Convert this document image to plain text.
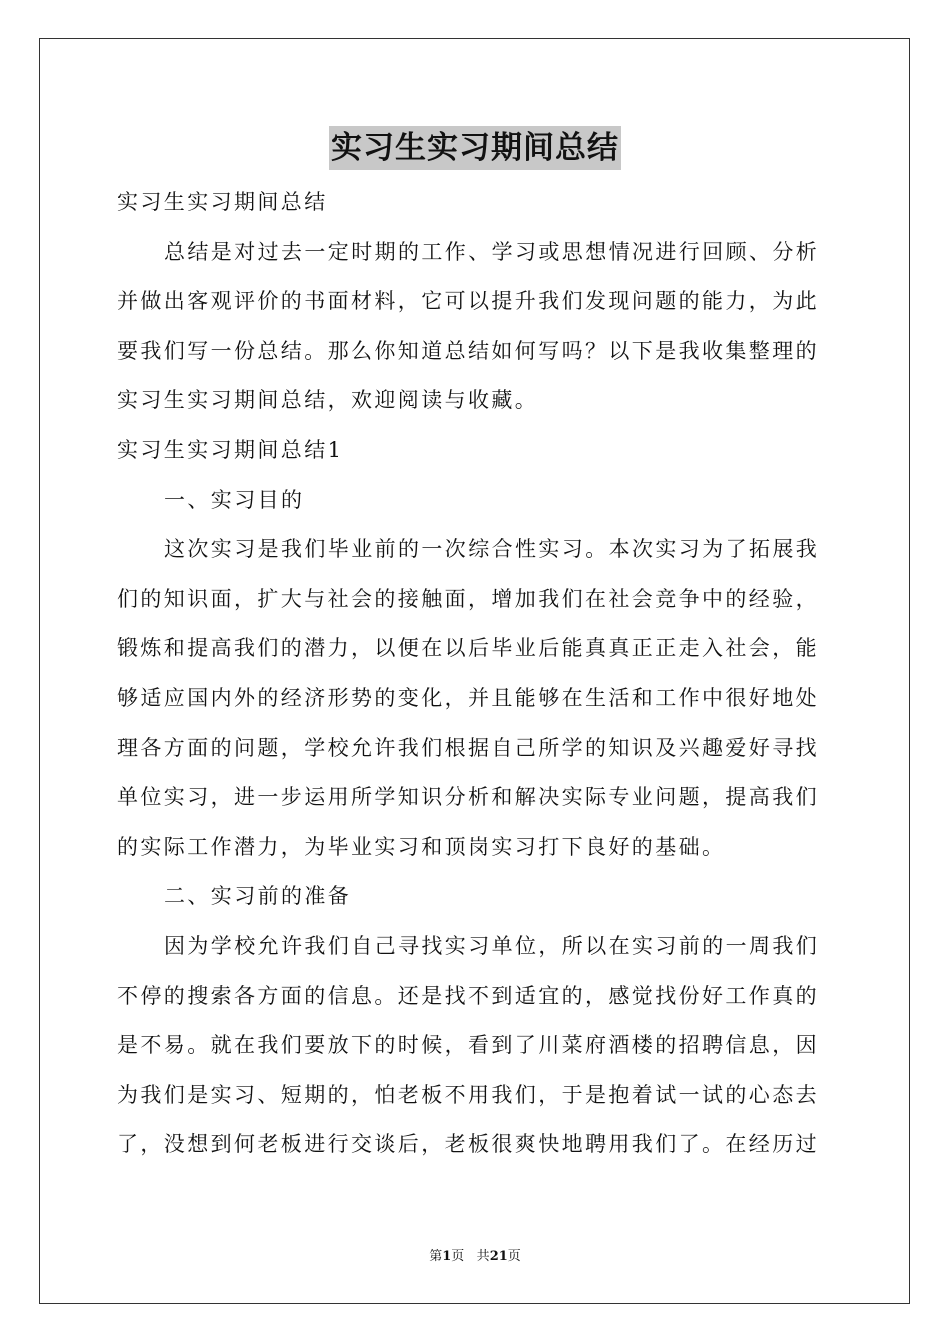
实习生实习期间总结
实习生实习期间总结
总结是对过去一定时期的工作、学习或思想情况进行回顾、分析
并做出客观评价的书面材料，它可以提升我们发现问题的能力，为此
要我们写一份总结。那么你知道总结如何写吗？以下是我收集整理的
实习生实习期间总结，欢迎阅读与收藏。
实习生实习期间总结1
一、实习目的
这次实习是我们毕业前的一次综合性实习。本次实习为了拓展我
们的知识面，扩大与社会的接触面，增加我们在社会竞争中的经验，
锻炼和提高我们的潜力，以便在以后毕业后能真真正正走入社会，能
够适应国内外的经济形势的变化，并且能够在生活和工作中很好地处
理各方面的问题，学校允许我们根据自己所学的知识及兴趣爱好寻找
单位实习，进一步运用所学知识分析和解决实际专业问题，提高我们
的实际工作潜力，为毕业实习和顶岗实习打下良好的基础。
二、实习前的准备
因为学校允许我们自己寻找实习单位，所以在实习前的一周我们
不停的搜索各方面的信息。还是找不到适宜的，感觉找份好工作真的
是不易。就在我们要放下的时候，看到了川菜府酒楼的招聘信息，因
为我们是实习、短期的，怕老板不用我们，于是抱着试一试的心态去
了，没想到何老板进行交谈后，老板很爽快地聘用我们了。在经历过
第1页 共21页
